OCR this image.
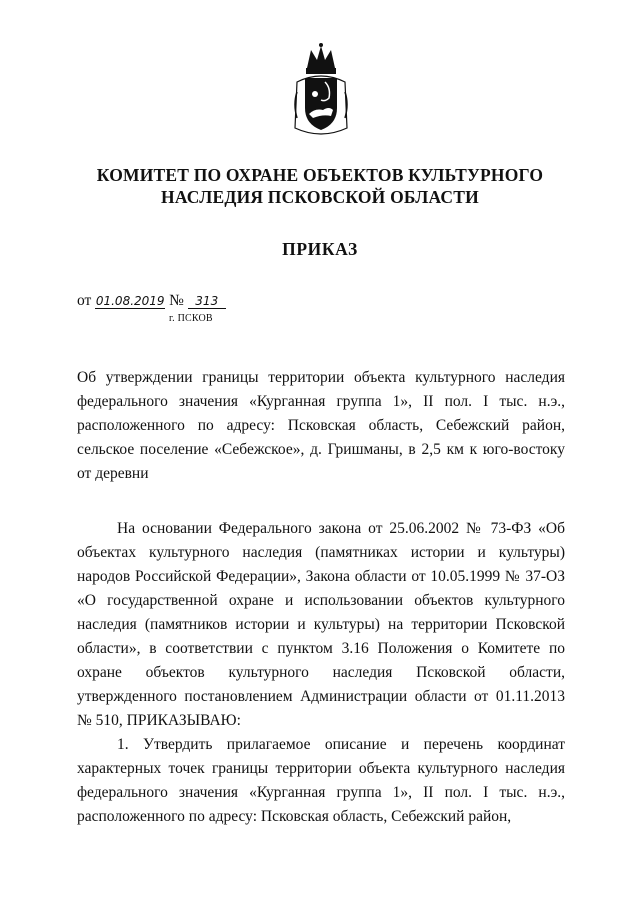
КОМИТЕТ ПО ОХРАНЕ ОБЪЕКТОВ КУЛЬТУРНОГО
НАСЛЕДИЯ ПСКОВСКОЙ ОБЛАСТИ
ПРИКАЗ
от 01.08.2019 № 313
г. ПСКОВ
Об утверждении границы территории объекта культурного наследия федерального значения «Курганная группа 1», II пол. I тыс. н.э., расположенного по адресу: Псковская область, Себежский район, сельское поселение «Себежское», д. Гришманы, в 2,5 км к юго-востоку от деревни

На основании Федерального закона от 25.06.2002 № 73-ФЗ «Об объектах культурного наследия (памятниках истории и культуры) народов Российской Федерации», Закона области от 10.05.1999 № 37-ОЗ «О государственной охране и использовании объектов культурного наследия (памятников истории и культуры) на территории Псковской области», в соответствии с пунктом 3.16 Положения о Комитете по охране объектов культурного наследия Псковской области, утвержденного постановлением Администрации области от 01.11.2013 № 510, ПРИКАЗЫВАЮ:

1. Утвердить прилагаемое описание и перечень координат характерных точек границы территории объекта культурного наследия федерального значения «Курганная группа 1», II пол. I тыс. н.э., расположенного по адресу: Псковская область, Себежский район,
